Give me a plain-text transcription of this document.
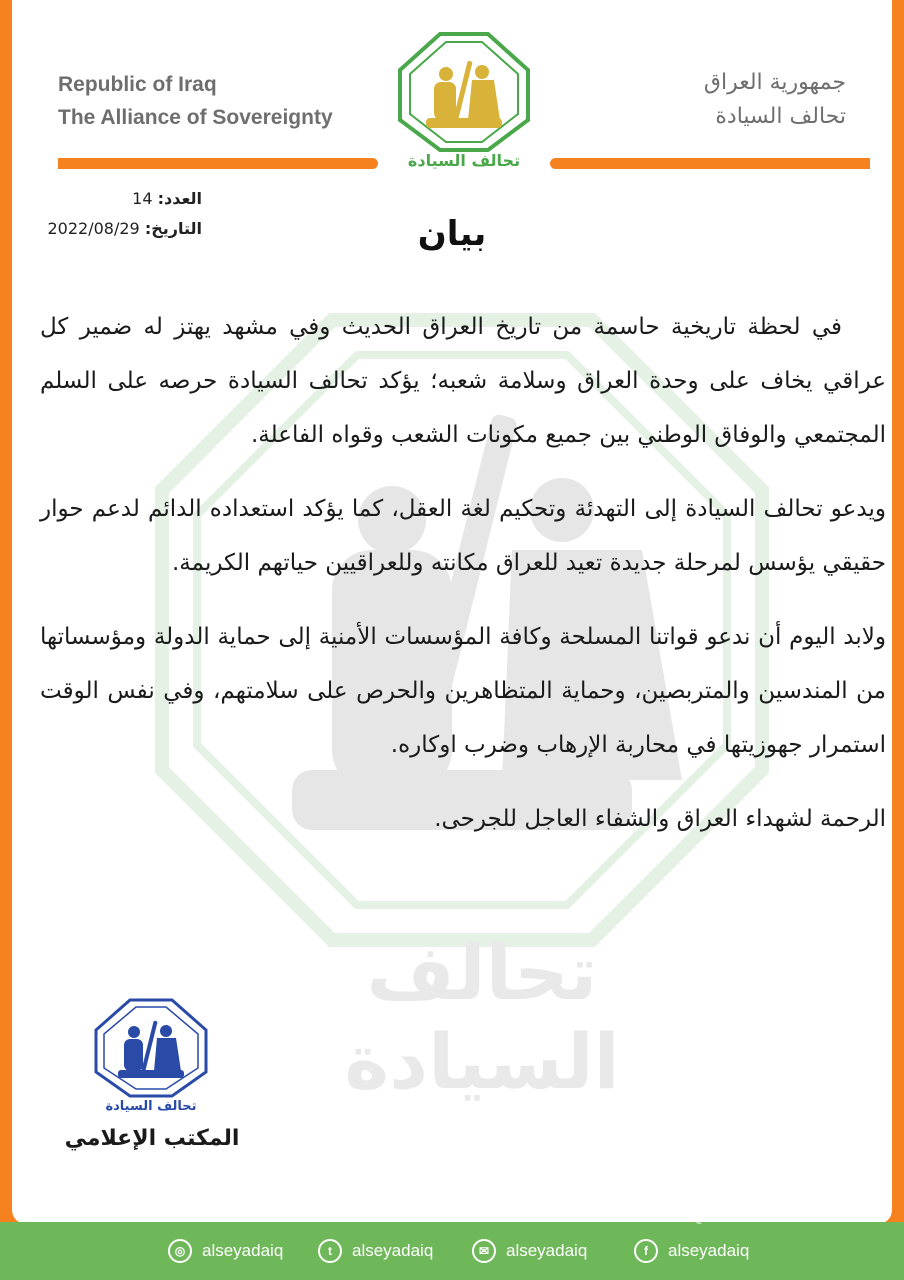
تحالف السيادة
Republic of Iraq
The Alliance of Sovereignty
جمهورية العراق
تحالف السيادة
تحالف السيادة
العدد: 14
التاريخ: 2022/08/29	بيان

في لحظة تاريخية حاسمة من تاريخ العراق الحديث وفي مشهد يهتز له ضمير كل عراقي يخاف على وحدة العراق وسلامة شعبه؛ يؤكد تحالف السيادة حرصه على السلم المجتمعي والوفاق الوطني بين جميع مكونات الشعب وقواه الفاعلة.

ويدعو تحالف السيادة إلى التهدئة وتحكيم لغة العقل، كما يؤكد استعداده الدائم لدعم حوار حقيقي يؤسس لمرحلة جديدة تعيد للعراق مكانته وللعراقيين حياتهم الكريمة.

ولابد اليوم أن ندعو قواتنا المسلحة وكافة المؤسسات الأمنية إلى حماية الدولة ومؤسساتها من المندسين والمتربصين، وحماية المتظاهرين والحرص على سلامتهم، وفي نفس الوقت استمرار جهوزيتها في محاربة الإرهاب وضرب اوكاره.

الرحمة لشهداء العراق والشفاء العاجل للجرحى.

تحالف السيادة
المكتب الإعلامي
IQ NEWS
◎ alseyadaiq	t	alseyadaiq	✉ alseyadaiq	f	alseyadaiq
